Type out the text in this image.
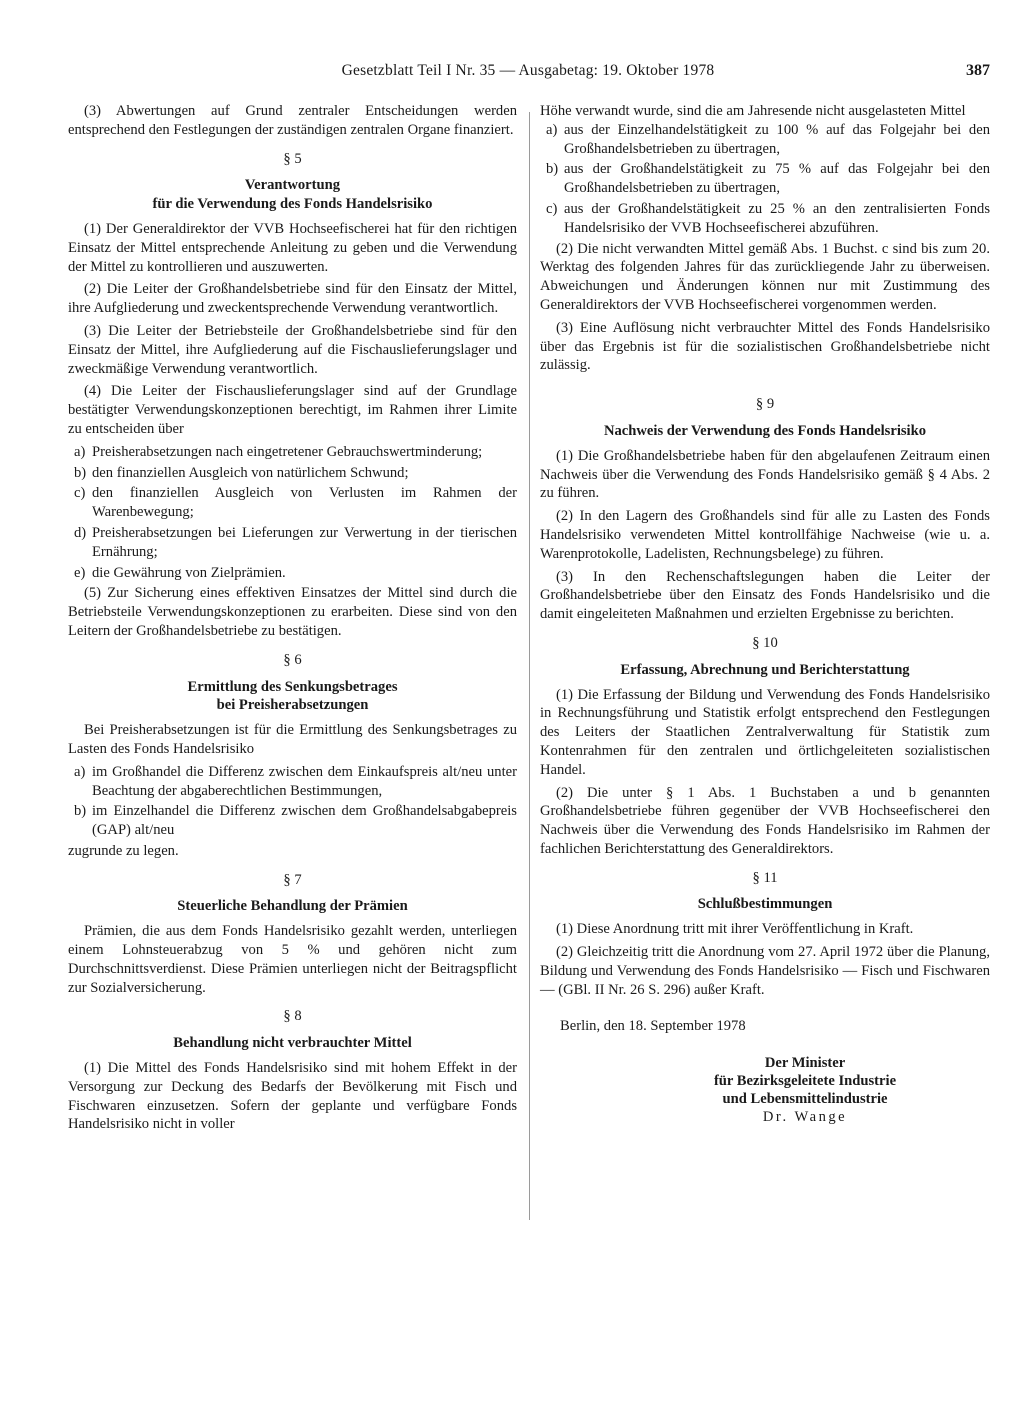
Gesetzblatt Teil I Nr. 35 — Ausgabetag: 19. Oktober 1978	387

(3) Abwertungen auf Grund zentraler Entscheidungen werden entsprechend den Festlegungen der zuständigen zentralen Organe finanziert.

§ 5
Verantwortung
für die Verwendung des Fonds Handelsrisiko

(1) Der Generaldirektor der VVB Hochseefischerei hat für den richtigen Einsatz der Mittel entsprechende Anleitung zu geben und die Verwendung der Mittel zu kontrollieren und auszuwerten.

(2) Die Leiter der Großhandelsbetriebe sind für den Einsatz der Mittel, ihre Aufgliederung und zweckentsprechende Verwendung verantwortlich.

(3) Die Leiter der Betriebsteile der Großhandelsbetriebe sind für den Einsatz der Mittel, ihre Aufgliederung auf die Fischauslieferungslager und zweckmäßige Verwendung verantwortlich.

(4) Die Leiter der Fischauslieferungslager sind auf der Grundlage bestätigter Verwendungskonzeptionen berechtigt, im Rahmen ihrer Limite zu entscheiden über

a) Preisherabsetzungen nach eingetretener Gebrauchswertminderung;
b) den finanziellen Ausgleich von natürlichem Schwund;
c) den finanziellen Ausgleich von Verlusten im Rahmen der Warenbewegung;
d) Preisherabsetzungen bei Lieferungen zur Verwertung in der tierischen Ernährung;
e) die Gewährung von Zielprämien.

(5) Zur Sicherung eines effektiven Einsatzes der Mittel sind durch die Betriebsteile Verwendungskonzeptionen zu erarbeiten. Diese sind von den Leitern der Großhandelsbetriebe zu bestätigen.

§ 6
Ermittlung des Senkungsbetrages
bei Preisherabsetzungen

Bei Preisherabsetzungen ist für die Ermittlung des Senkungsbetrages zu Lasten des Fonds Handelsrisiko

a) im Großhandel die Differenz zwischen dem Einkaufspreis alt/neu unter Beachtung der abgaberechtlichen Bestimmungen,
b) im Einzelhandel die Differenz zwischen dem Großhandelsabgabepreis (GAP) alt/neu

zugrunde zu legen.

§ 7
Steuerliche Behandlung der Prämien

Prämien, die aus dem Fonds Handelsrisiko gezahlt werden, unterliegen einem Lohnsteuerabzug von 5 % und gehören nicht zum Durchschnittsverdienst. Diese Prämien unterliegen nicht der Beitragspflicht zur Sozialversicherung.

§ 8
Behandlung nicht verbrauchter Mittel

(1) Die Mittel des Fonds Handelsrisiko sind mit hohem Effekt in der Versorgung zur Deckung des Bedarfs der Bevölkerung mit Fisch und Fischwaren einzusetzen. Sofern der geplante und verfügbare Fonds Handelsrisiko nicht in voller

Höhe verwandt wurde, sind die am Jahresende nicht ausgelasteten Mittel

a) aus der Einzelhandelstätigkeit zu 100 % auf das Folgejahr bei den Großhandelsbetrieben zu übertragen,
b) aus der Großhandelstätigkeit zu 75 % auf das Folgejahr bei den Großhandelsbetrieben zu übertragen,
c) aus der Großhandelstätigkeit zu 25 % an den zentralisierten Fonds Handelsrisiko der VVB Hochseefischerei abzuführen.

(2) Die nicht verwandten Mittel gemäß Abs. 1 Buchst. c sind bis zum 20. Werktag des folgenden Jahres für das zurückliegende Jahr zu überweisen. Abweichungen und Änderungen können nur mit Zustimmung des Generaldirektors der VVB Hochseefischerei vorgenommen werden.

(3) Eine Auflösung nicht verbrauchter Mittel des Fonds Handelsrisiko über das Ergebnis ist für die sozialistischen Großhandelsbetriebe nicht zulässig.

§ 9
Nachweis der Verwendung des Fonds Handelsrisiko

(1) Die Großhandelsbetriebe haben für den abgelaufenen Zeitraum einen Nachweis über die Verwendung des Fonds Handelsrisiko gemäß § 4 Abs. 2 zu führen.

(2) In den Lagern des Großhandels sind für alle zu Lasten des Fonds Handelsrisiko verwendeten Mittel kontrollfähige Nachweise (wie u. a. Warenprotokolle, Ladelisten, Rechnungsbelege) zu führen.

(3) In den Rechenschaftslegungen haben die Leiter der Großhandelsbetriebe über den Einsatz des Fonds Handelsrisiko und die damit eingeleiteten Maßnahmen und erzielten Ergebnisse zu berichten.

§ 10
Erfassung, Abrechnung und Berichterstattung

(1) Die Erfassung der Bildung und Verwendung des Fonds Handelsrisiko in Rechnungsführung und Statistik erfolgt entsprechend den Festlegungen des Leiters der Staatlichen Zentralverwaltung für Statistik zum Kontenrahmen für den zentralen und örtlichgeleiteten sozialistischen Handel.

(2) Die unter § 1 Abs. 1 Buchstaben a und b genannten Großhandelsbetriebe führen gegenüber der VVB Hochseefischerei den Nachweis über die Verwendung des Fonds Handelsrisiko im Rahmen der fachlichen Berichterstattung des Generaldirektors.

§ 11
Schlußbestimmungen

(1) Diese Anordnung tritt mit ihrer Veröffentlichung in Kraft.

(2) Gleichzeitig tritt die Anordnung vom 27. April 1972 über die Planung, Bildung und Verwendung des Fonds Handelsrisiko — Fisch und Fischwaren — (GBl. II Nr. 26 S. 296) außer Kraft.

Berlin, den 18. September 1978
Der Minister
für Bezirksgeleitete Industrie
und Lebensmittelindustrie
Dr. Wange
